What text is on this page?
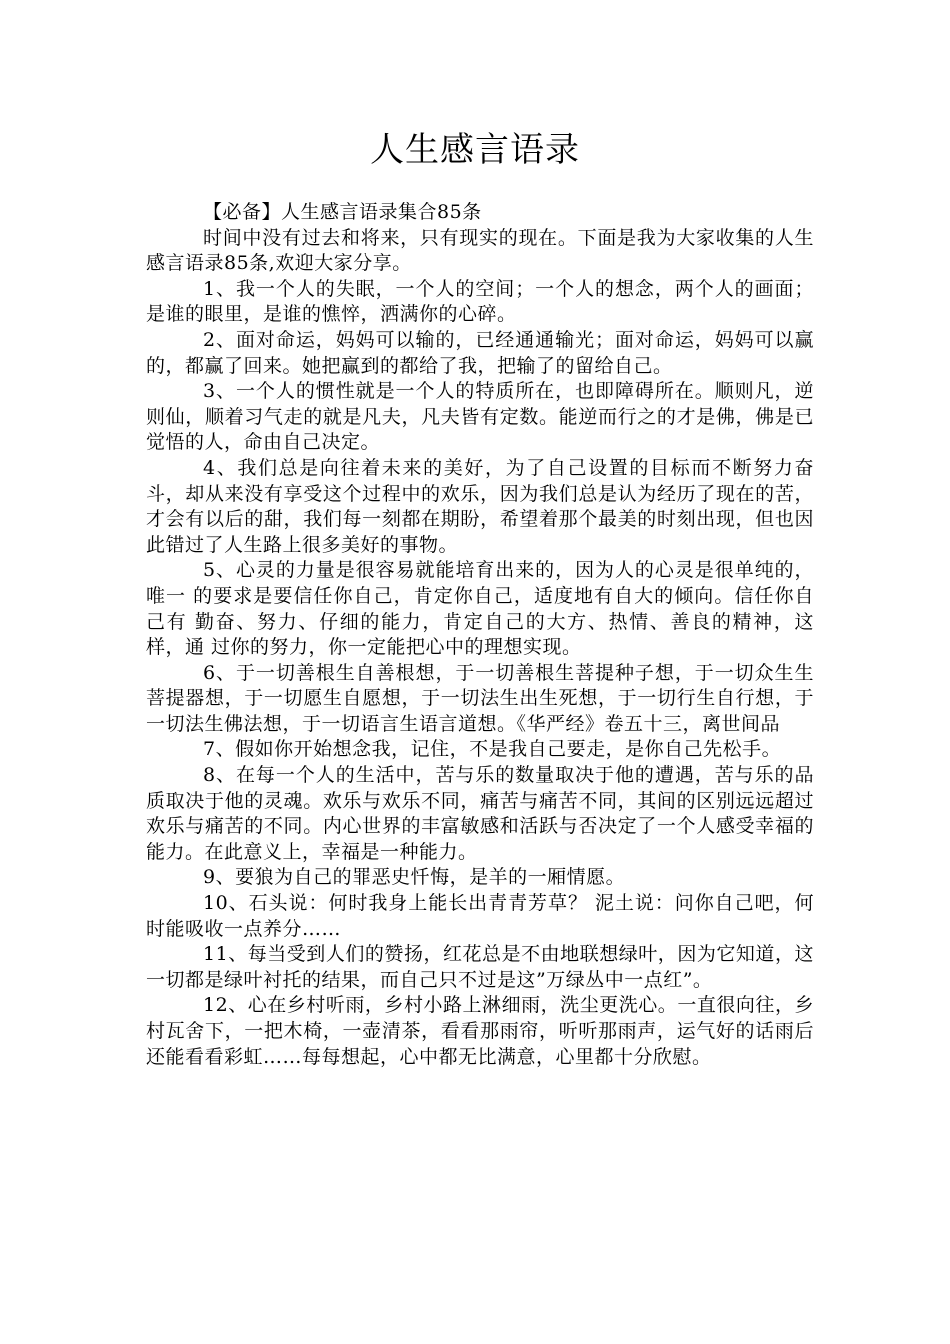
人生感言语录

【必备】人生感言语录集合85条

时间中没有过去和将来，只有现实的现在。下面是我为大家收集的人生感言语录85条,欢迎大家分享。

1、我一个人的失眠，一个人的空间；一个人的想念，两个人的画面；是谁的眼里，是谁的憔悴，洒满你的心碎。

2、面对命运，妈妈可以输的，已经通通输光；面对命运，妈妈可以赢的，都赢了回来。她把赢到的都给了我，把输了的留给自己。

3、一个人的惯性就是一个人的特质所在，也即障碍所在。顺则凡，逆则仙，顺着习气走的就是凡夫，凡夫皆有定数。能逆而行之的才是佛，佛是已觉悟的人，命由自己决定。

4、我们总是向往着未来的美好，为了自己设置的目标而不断努力奋斗，却从来没有享受这个过程中的欢乐，因为我们总是认为经历了现在的苦，才会有以后的甜，我们每一刻都在期盼，希望着那个最美的时刻出现，但也因此错过了人生路上很多美好的事物。

5、心灵的力量是很容易就能培育出来的，因为人的心灵是很单纯的，唯一 的要求是要信任你自己，肯定你自己，适度地有自大的倾向。信任你自己有 勤奋、努力、仔细的能力，肯定自己的大方、热情、善良的精神，这样，通 过你的努力，你一定能把心中的理想实现。

6、于一切善根生自善根想，于一切善根生菩提种子想，于一切众生生菩提器想，于一切愿生自愿想，于一切法生出生死想，于一切行生自行想，于一切法生佛法想，于一切语言生语言道想。《华严经》卷五十三，离世间品

7、假如你开始想念我，记住，不是我自己要走，是你自己先松手。

8、在每一个人的生活中，苦与乐的数量取决于他的遭遇，苦与乐的品质取决于他的灵魂。欢乐与欢乐不同，痛苦与痛苦不同，其间的区别远远超过欢乐与痛苦的不同。内心世界的丰富敏感和活跃与否决定了一个人感受幸福的能力。在此意义上，幸福是一种能力。

9、要狼为自己的罪恶史忏悔，是羊的一厢情愿。

10、石头说：何时我身上能长出青青芳草？ 泥土说：问你自己吧，何时能吸收一点养分……

11、每当受到人们的赞扬，红花总是不由地联想绿叶，因为它知道，这一切都是绿叶衬托的结果，而自己只不过是这”万绿丛中一点红”。

12、心在乡村听雨，乡村小路上淋细雨，洗尘更洗心。一直很向往，乡村瓦舍下，一把木椅，一壶清茶，看看那雨帘，听听那雨声，运气好的话雨后还能看看彩虹……每每想起，心中都无比满意，心里都十分欣慰。
